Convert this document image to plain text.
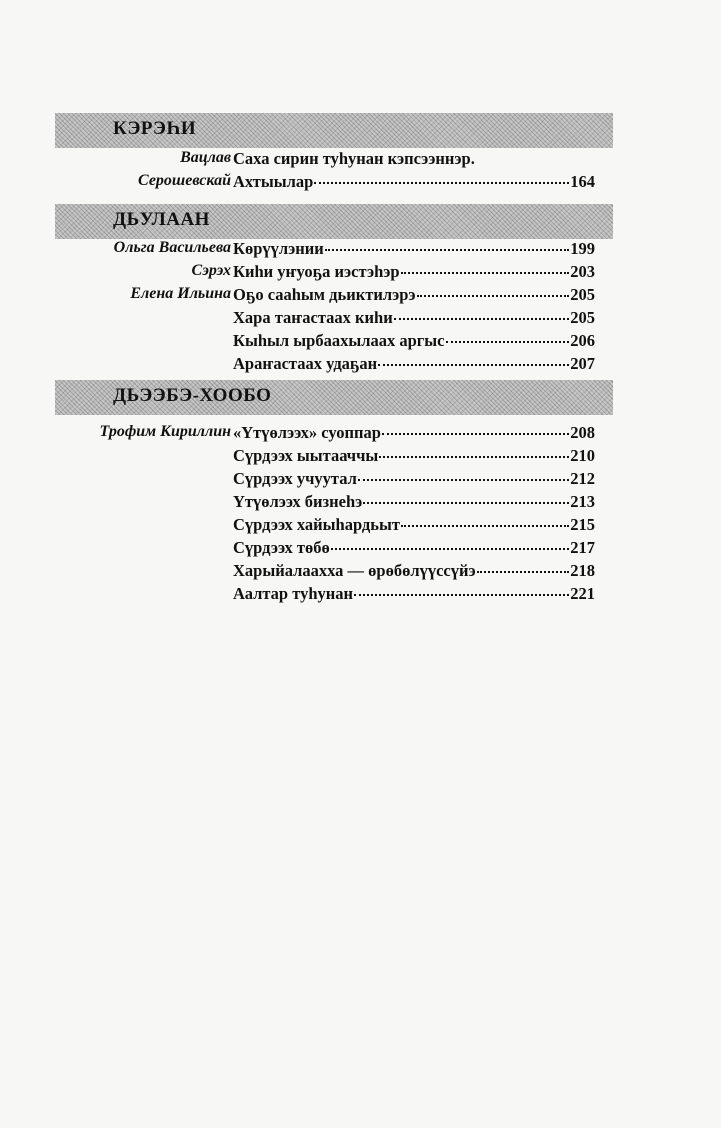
КЭРЭҺИ
Вацлав Саха сирин туһунан кэпсээннэр.
Серошевскай Ахтыылар	164
ДЬУЛААН
Ольга Васильева Көрүүлэнии	199
Сэрэх Киһи уҥуоҕа иэстэһэр	203
Елена Ильина Оҕо сааһым дьиктилэрэ	205
Хара таҥастаах киһи	205
Кыһыл ырбаахылаах аргыс	206
Араҥастаах удаҕан	207
ДЬЭЭБЭ-ХООБО
Трофим Кириллин «Үтүөлээх» суоппар	208
Сүрдээх ыытааччы	210
Сүрдээх учуутал	212
Үтүөлээх бизнеһэ	213
Сүрдээх хайыһардьыт	215
Сүрдээх төбө	217
Харыйалаахха — өрөбөлүүссүйэ	218
Аалтар туһунан	221
